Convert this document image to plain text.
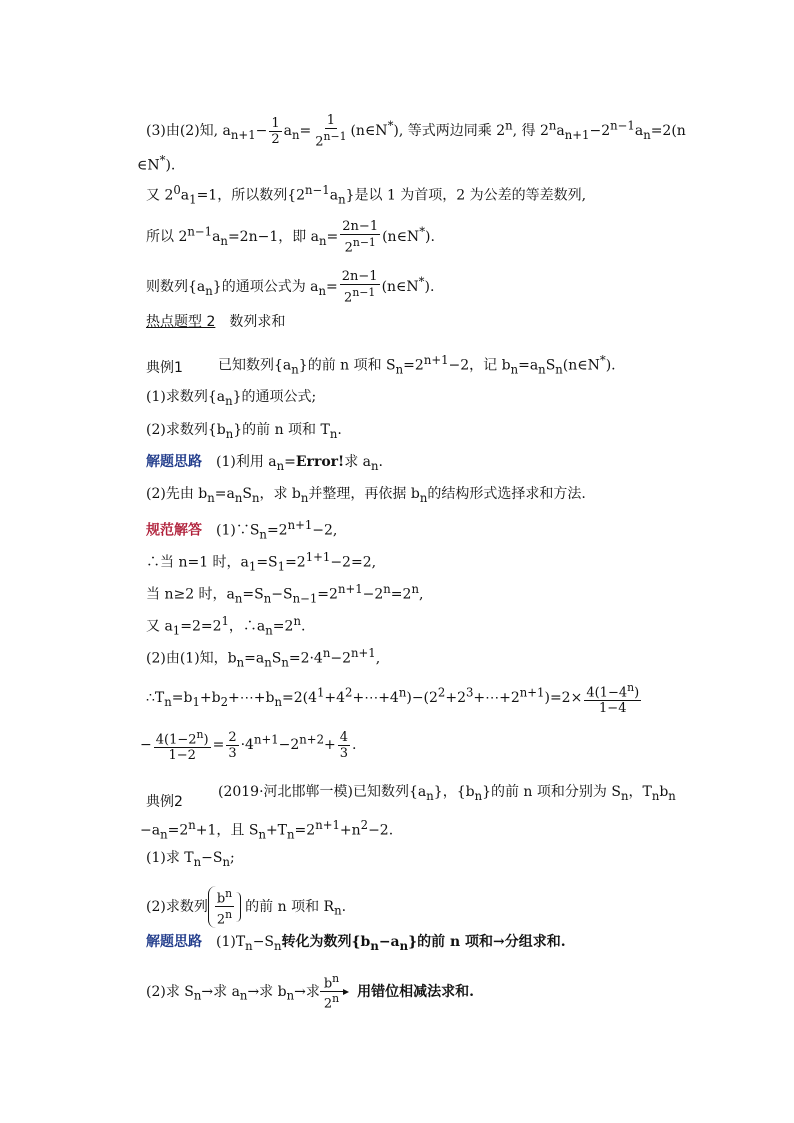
(3)由(2)知, $a_{n+1}- \frac{1}{2} a_n= \frac{1}{2^{n-1}}$ (n∈N*), 等式两边同乘 2$^n$, 得 $2^na_{n+1}-2^{n-1}a_n=2(n$
∈N*).
又 $2^0a_1=1$，所以数列$\{2^{n-1}a_n\}$是以 1 为首项，2 为公差的等差数列,
所以 $2^{n-1}a_n=2n-1$，即 $a_n= \frac{2n-1}{2^{n-1}}$ (n∈N*).
则数列$\{a_n\}$的通项公式为 $a_n= \frac{2n-1}{2^{n-1}}$ (n∈N*).
热点题型 2　数列求和
典例1	已知数列$\{a_n\}$的前 n 项和 $S_n=2^{n+1}-2$，记 $b_n=a_nS_n(n\in N^*)$.
(1)求数列$\{a_n\}$的通项公式;
(2)求数列$\{b_n\}$的前 n 项和 $T_n$.
解题思路　(1)利用 $a_n=Error$!求 $a_n$.
(2)先由 $b_n=a_nS_n$，求 $b_n$并整理，再依据 $b_n$的结构形式选择求和方法.
规范解答　$(1)\because S_n=2^{n+1}-2$,
∴当 n=1 时，$a_1=S_1=2^{1+1}-2=2$,
当 n≥2 时，$a_n=S_n-S_{n-1}=2^{n+1}-2^n=2^n$,
又 $a_1=2=2^1$，$\therefore a_n=2^n$.
(2)由(1)知，$b_n=a_nS_n=2\cdot 4^n-2^{n+1}$,
$\therefore T_n=b_1+b_2+\cdots+b_n=2(4^1+4^2+\cdots+4^n)-(2^2+2^3+\cdots+2^{n+1})=2\times \frac{4(1-4^n)}{1-4}$
− $\frac{4(1-2^n)}{1-2} = \frac{2}{3} \cdot 4^{n+1}-2^{n+2}+ \frac{4}{3}$ .
典例2
(2019·河北邯郸一模)已知数列$\{a_n\}$，$\{b_n\}$的前 n 项和分别为 $S_n$，$T_nb_n$
$-a_n=2^n+1$，且 $S_n+T_n=2^{n+1}+n^2-2$.
(1)求 $T_n-S_n$;
(2)求数列 $\frac{b^n}{2^n}$ 的前 n 项和 $R_n$.
解题思路　$(1)T_n-S_n$转化为数列$\{b_n-a_n\}$的前 n 项和→分组求和.
(2)求 $S_n\to$求 $a_n\to$求 $b_n\to$求 $\frac{b^n}{2^n}$
　 用错位相减法求和.
